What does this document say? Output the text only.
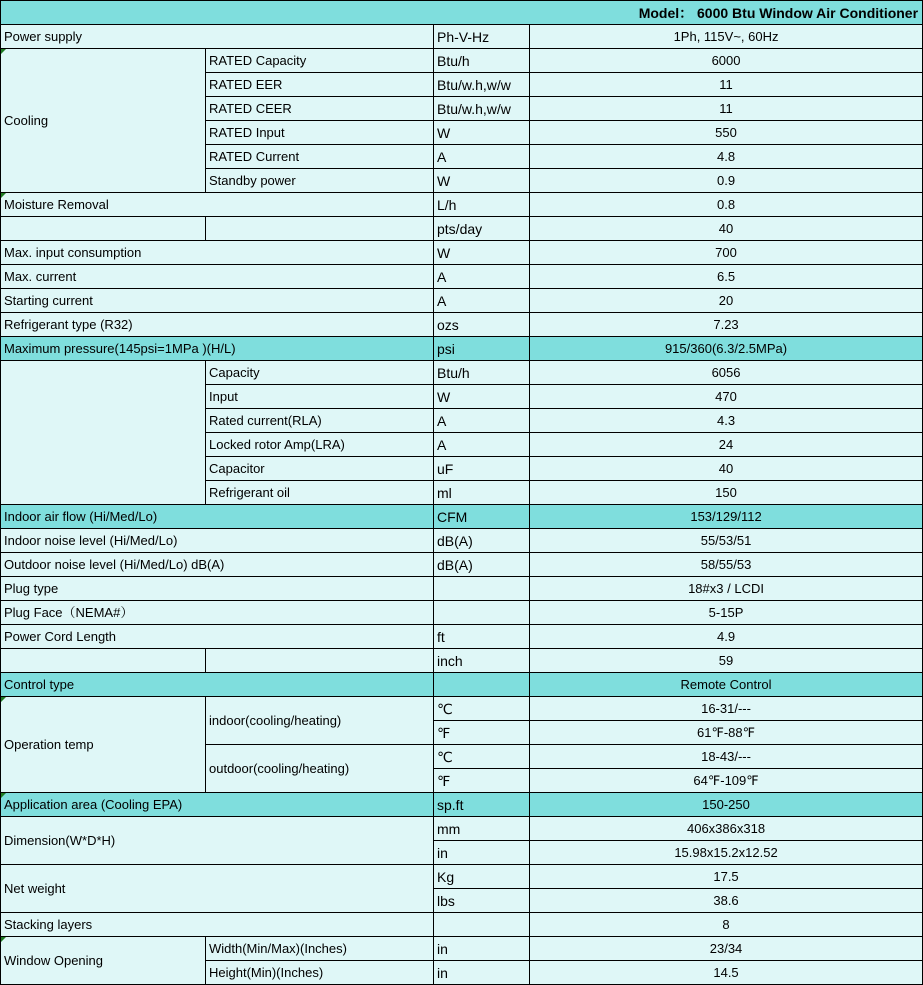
Model： 6000 Btu Window Air Conditioner			
Power supply		Ph-V-Hz	1Ph, 115V~, 60Hz
Cooling	RATED Capacity	Btu/h	6000
	RATED EER	Btu/w.h,w/w	11
	RATED CEER	Btu/w.h,w/w	11
	RATED Input	W	550
	RATED Current	A	4.8
	Standby power	W	0.9
Moisture Removal		L/h	0.8
		pts/day	40
Max. input consumption		W	700
Max. current		A	6.5
Starting current		A	20
Refrigerant type (R32)		ozs	7.23
Maximum pressure(145psi=1MPa )(H/L)		psi	915/360(6.3/2.5MPa)
	Capacity	Btu/h	6056
	Input	W	470
	Rated current(RLA)	A	4.3
	Locked rotor Amp(LRA)	A	24
	Capacitor	uF	40
	Refrigerant oil	ml	150
Indoor air flow (Hi/Med/Lo)		CFM	153/129/112
Indoor noise level (Hi/Med/Lo)		dB(A)	55/53/51
Outdoor noise level (Hi/Med/Lo) dB(A)		dB(A)	58/55/53
Plug type			18#x3 / LCDI
Plug Face（NEMA#）			5-15P
Power Cord Length		ft	4.9
		inch	59
Control type			Remote Control
Operation temp	indoor(cooling/heating)	℃	16-31/---
		℉	61℉-88℉
	outdoor(cooling/heating)	℃	18-43/---
		℉	64℉-109℉
Application area (Cooling EPA)		sp.ft	150-250
Dimension(W*D*H)		mm	406x386x318
		in	15.98x15.2x12.52
Net weight		Kg	17.5
		lbs	38.6
Stacking layers			8
Window Opening	Width(Min/Max)(Inches)	in	23/34
	Height(Min)(Inches)	in	14.5
